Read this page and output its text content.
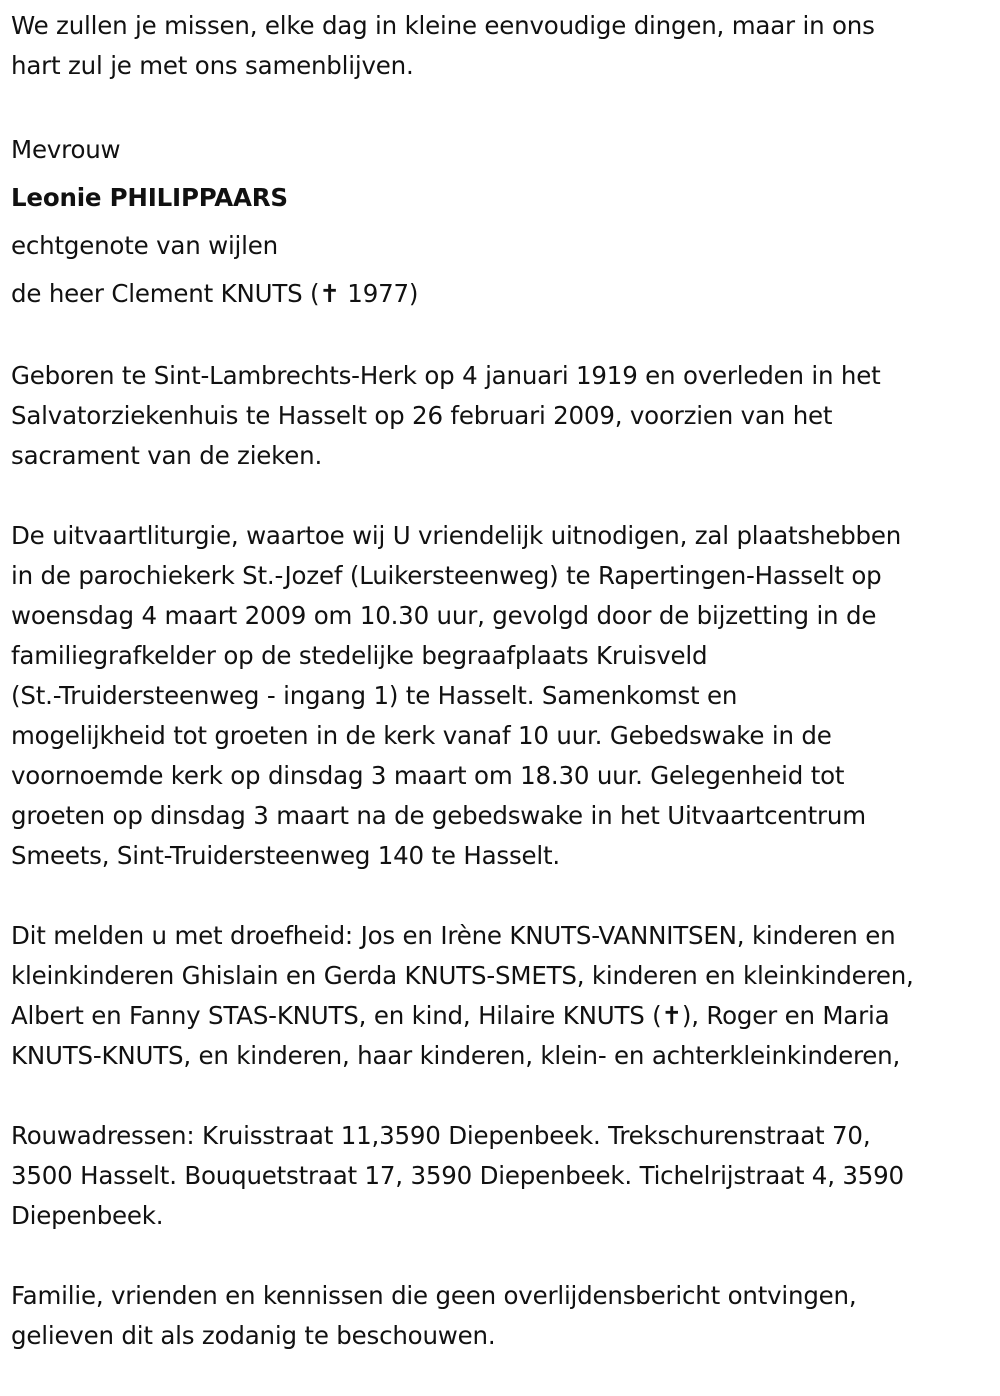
We zullen je missen, elke dag in kleine eenvoudige dingen, maar in ons
hart zul je met ons samenblijven.

Mevrouw
Leonie PHILIPPAARS
echtgenote van wijlen
de heer Clement KNUTS (✝ 1977)

Geboren te Sint-Lambrechts-Herk op 4 januari 1919 en overleden in het
Salvatorziekenhuis te Hasselt op 26 februari 2009, voorzien van het
sacrament van de zieken.

De uitvaartliturgie, waartoe wij U vriendelijk uitnodigen, zal plaatshebben
in de parochiekerk St.-Jozef (Luikersteenweg) te Rapertingen-Hasselt op
woensdag 4 maart 2009 om 10.30 uur, gevolgd door de bijzetting in de
familiegrafkelder op de stedelijke begraafplaats Kruisveld
(St.-Truidersteenweg - ingang 1) te Hasselt. Samenkomst en
mogelijkheid tot groeten in de kerk vanaf 10 uur. Gebedswake in de
voornoemde kerk op dinsdag 3 maart om 18.30 uur. Gelegenheid tot
groeten op dinsdag 3 maart na de gebedswake in het Uitvaartcentrum
Smeets, Sint-Truidersteenweg 140 te Hasselt.

Dit melden u met droefheid: Jos en Irène KNUTS-VANNITSEN, kinderen en
kleinkinderen Ghislain en Gerda KNUTS-SMETS, kinderen en kleinkinderen,
Albert en Fanny STAS-KNUTS, en kind, Hilaire KNUTS (✝), Roger en Maria
KNUTS-KNUTS, en kinderen, haar kinderen, klein- en achterkleinkinderen,

Rouwadressen: Kruisstraat 11,3590 Diepenbeek. Trekschurenstraat 70,
3500 Hasselt. Bouquetstraat 17, 3590 Diepenbeek. Tichelrijstraat 4, 3590
Diepenbeek.

Familie, vrienden en kennissen die geen overlijdensbericht ontvingen,
gelieven dit als zodanig te beschouwen.
